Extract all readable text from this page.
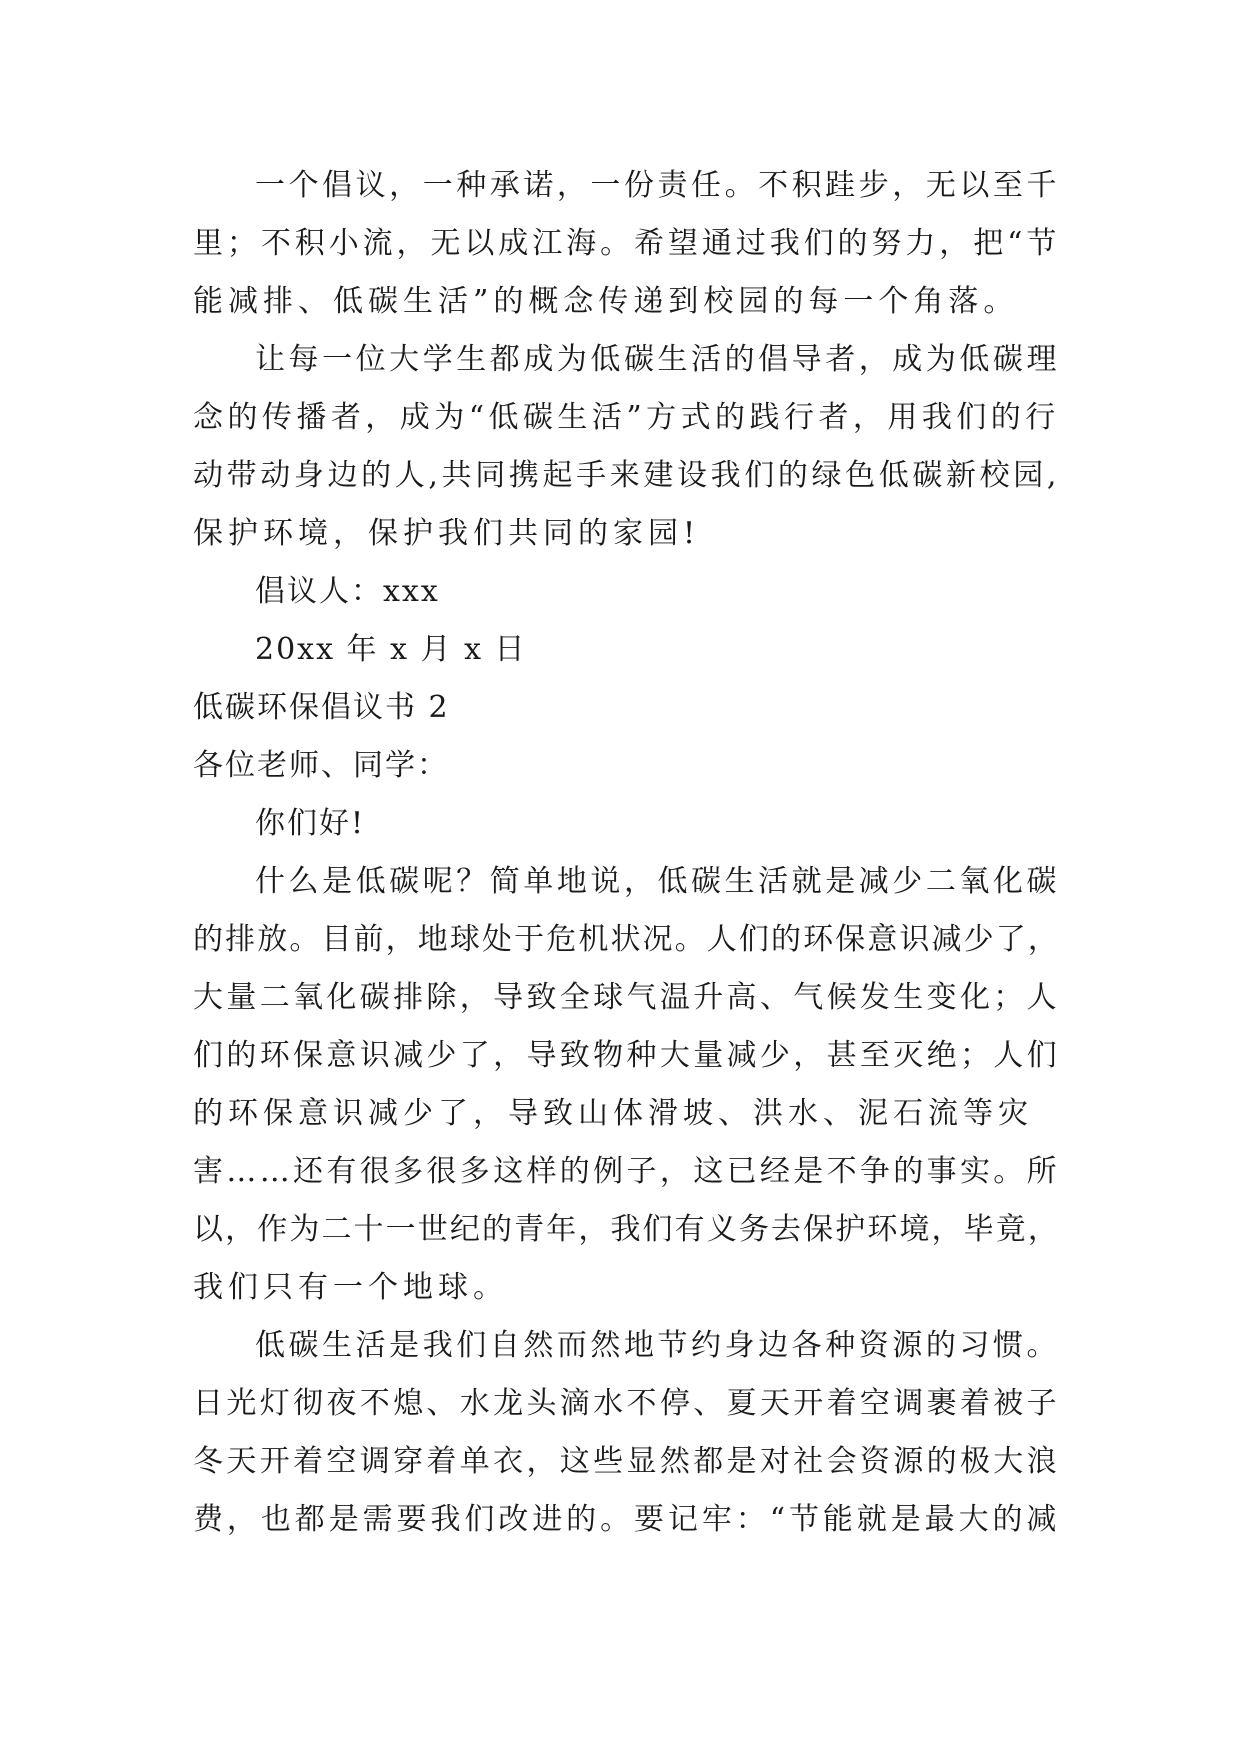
一个倡议，一种承诺，一份责任。不积跬步，无以至千
里；不积小流，无以成江海。希望通过我们的努力，把“节
能减排、低碳生活”的概念传递到校园的每一个角落。
让每一位大学生都成为低碳生活的倡导者，成为低碳理
念的传播者，成为“低碳生活”方式的践行者，用我们的行
动带动身边的人,共同携起手来建设我们的绿色低碳新校园,
保护环境，保护我们共同的家园!
倡议人：xxx
20xx 年 x 月 x 日
低碳环保倡议书 2
各位老师、同学：
你们好!
什么是低碳呢？简单地说，低碳生活就是减少二氧化碳
的排放。目前，地球处于危机状况。人们的环保意识减少了，
大量二氧化碳排除，导致全球气温升高、气候发生变化；人
们的环保意识减少了，导致物种大量减少，甚至灭绝；人们
的环保意识减少了，导致山体滑坡、洪水、泥石流等灾
害……还有很多很多这样的例子，这已经是不争的事实。所
以，作为二十一世纪的青年，我们有义务去保护环境，毕竟，
我们只有一个地球。
低碳生活是我们自然而然地节约身边各种资源的习惯。
日光灯彻夜不熄、水龙头滴水不停、夏天开着空调裹着被子
冬天开着空调穿着单衣，这些显然都是对社会资源的极大浪
费，也都是需要我们改进的。要记牢：“节能就是最大的减
